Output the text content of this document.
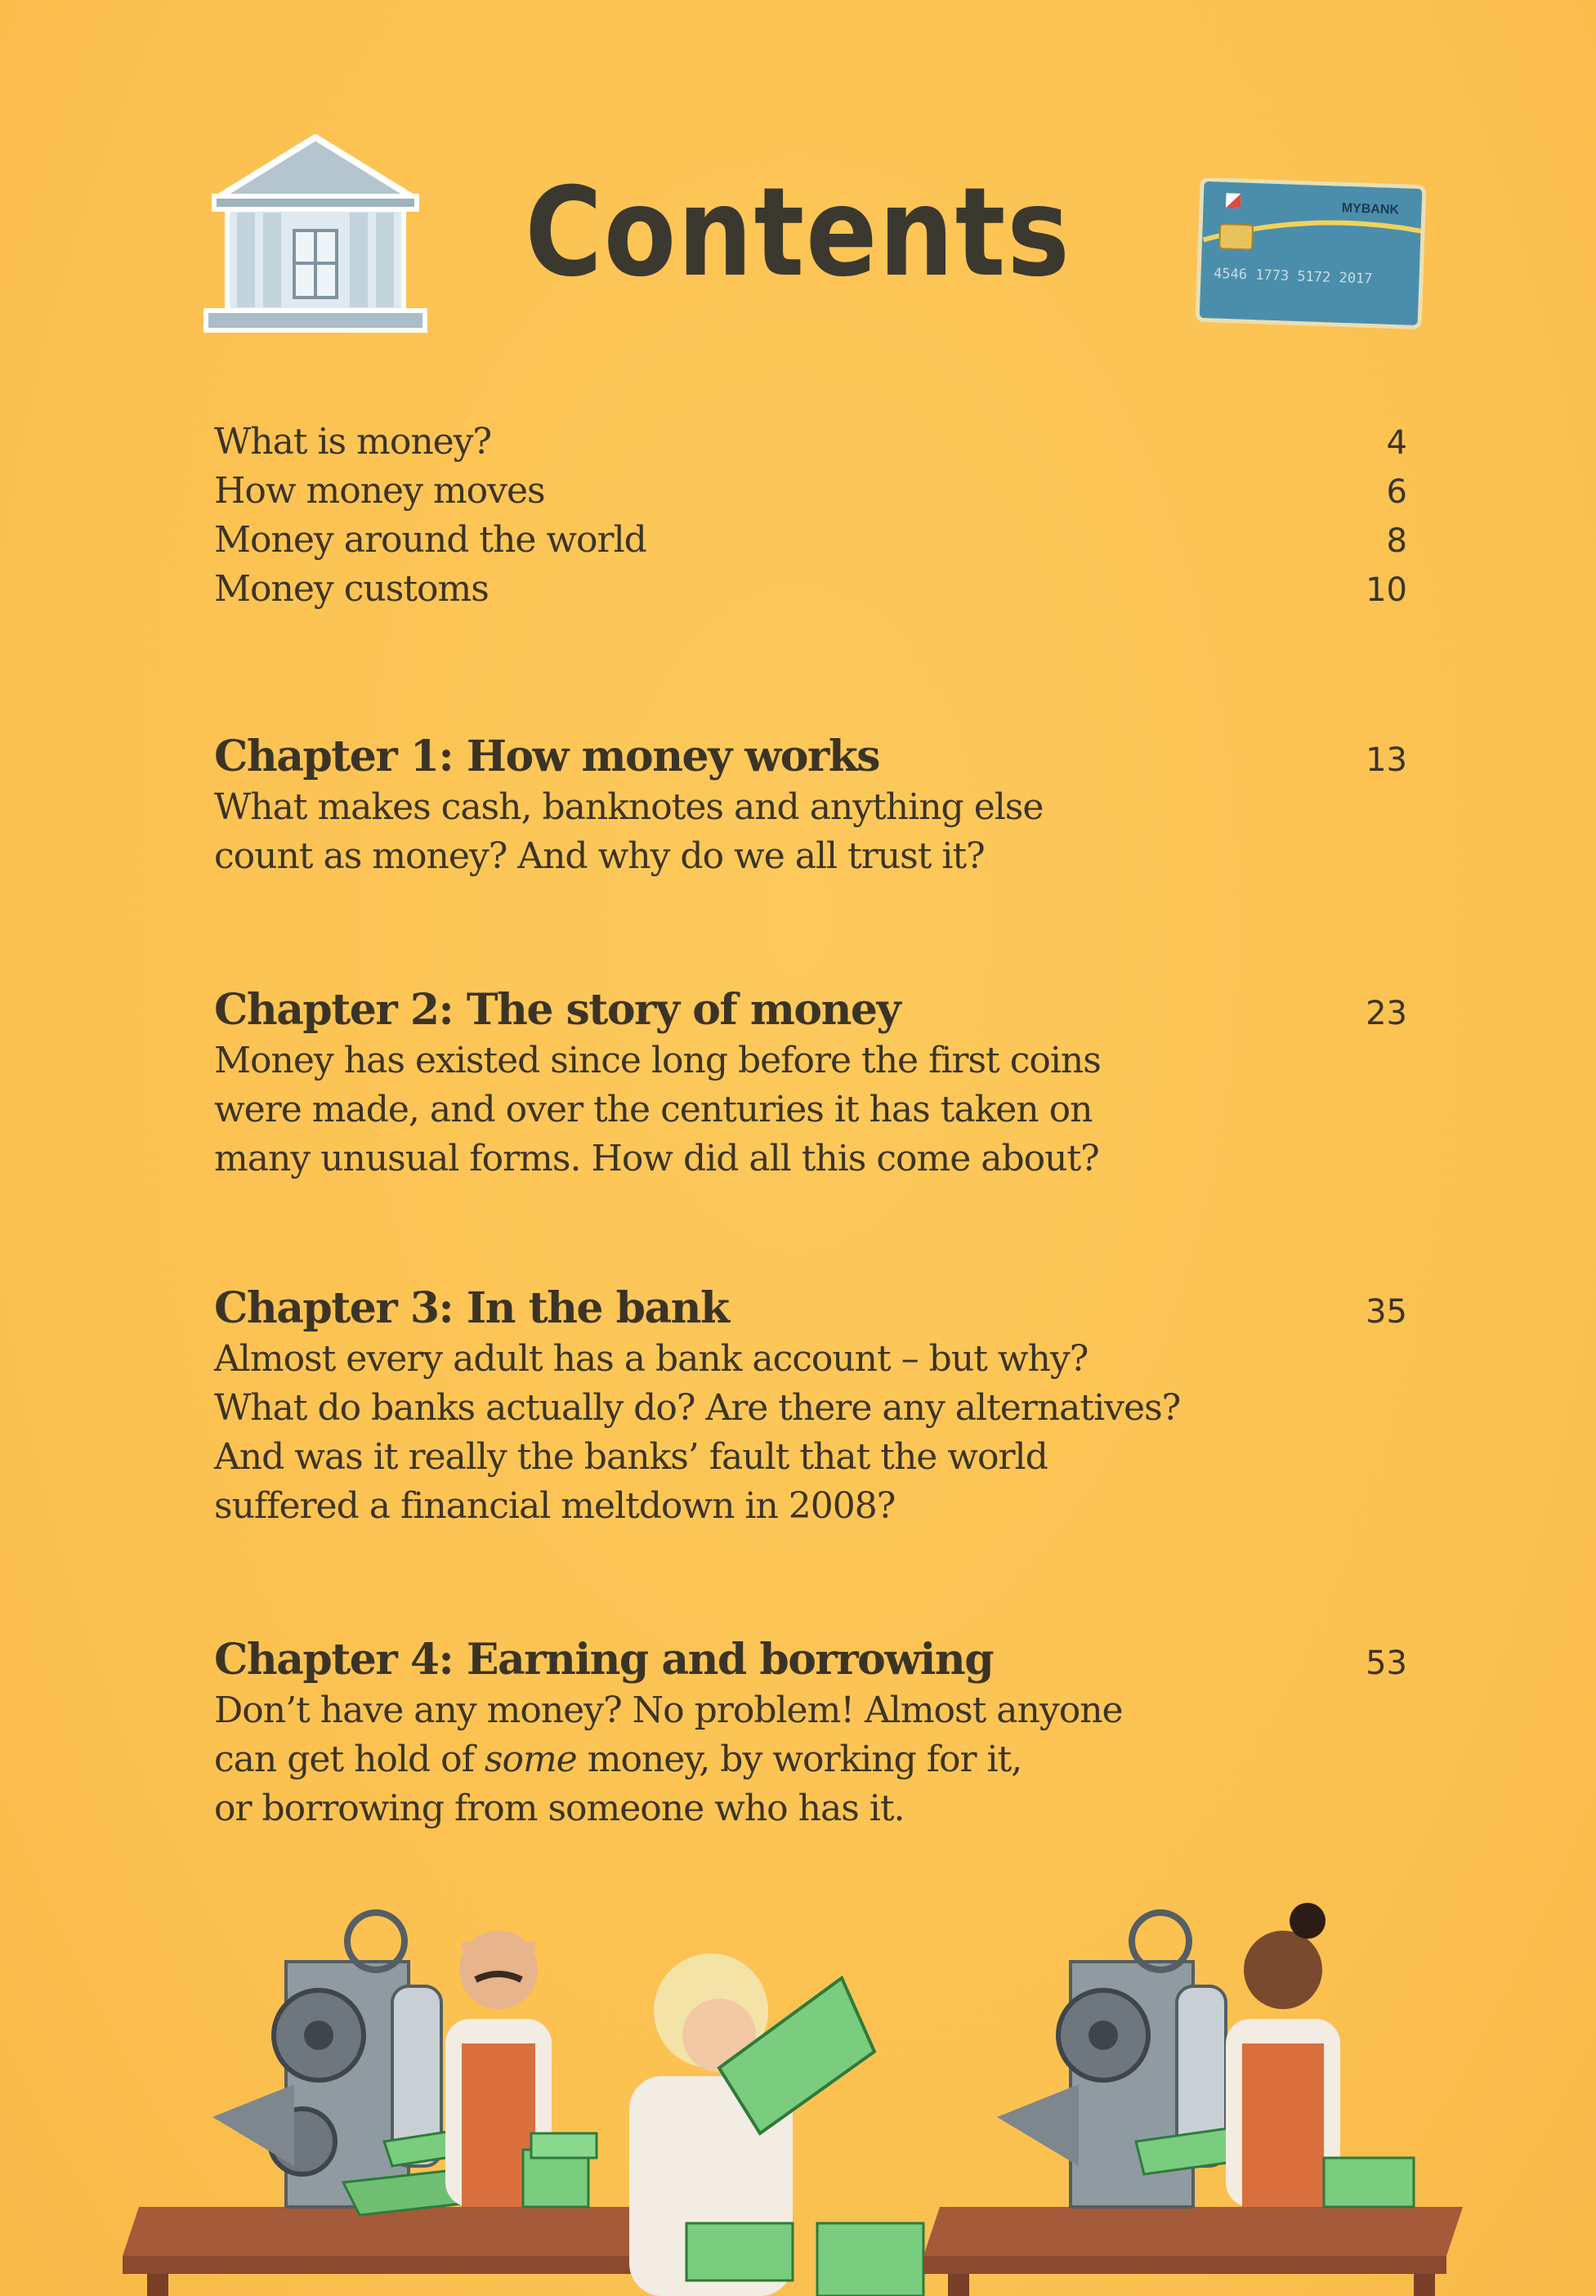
Contents	MYBANK
4546 1773 5172 2017
What is money?	4
How money moves	6
Money around the world	8
Money customs	10
Chapter 1: How money works	13
What makes cash, banknotes and anything else
count as money? And why do we all trust it?
Chapter 2: The story of money	23
Money has existed since long before the first coins
were made, and over the centuries it has taken on
many unusual forms. How did all this come about?
Chapter 3: In the bank	35
Almost every adult has a bank account – but why?
What do banks actually do? Are there any alternatives?
And was it really the banks’ fault that the world
suffered a financial meltdown in 2008?
Chapter 4: Earning and borrowing	53
Don’t have any money? No problem! Almost anyone
can get hold of some money, by working for it,
or borrowing from someone who has it.
